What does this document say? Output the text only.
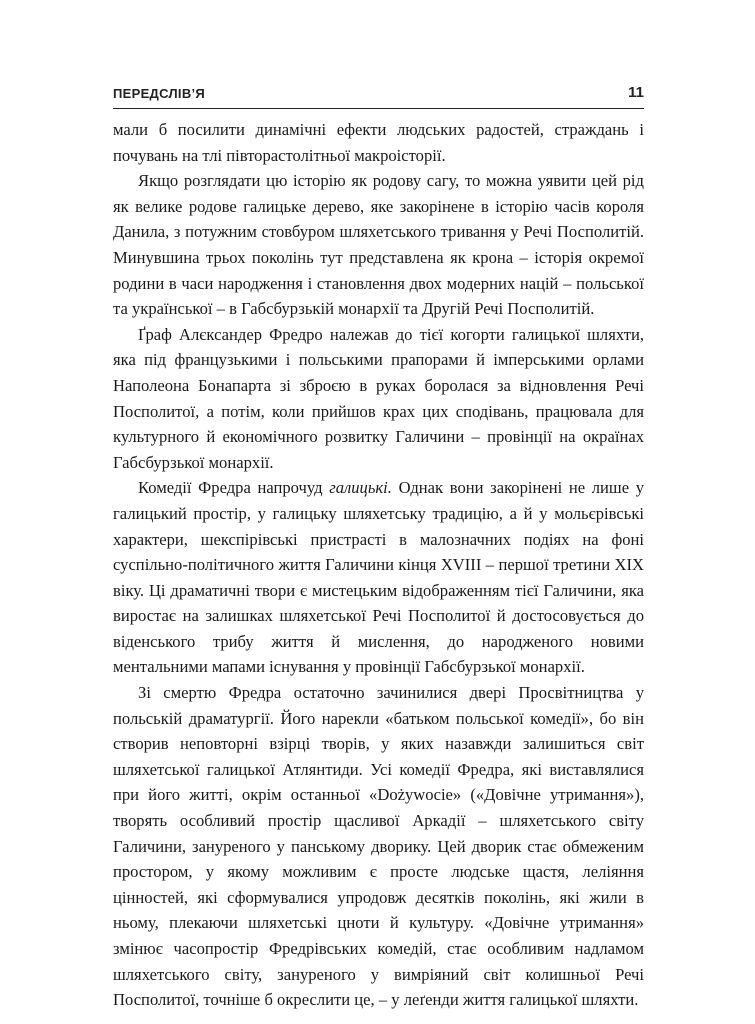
ПЕРЕДСЛІВ’Я	11

мали б посилити динамічні ефекти людських радостей, страждань і почувань на тлі півторастолітньої макроісторії.

Якщо розглядати цю історію як родову сагу, то можна уявити цей рід як велике родове галицьке дерево, яке закорінене в історію часів короля Данила, з потужним стовбуром шляхетського тривання у Речі Посполитій. Минувшина трьох поколінь тут представлена як крона – історія окремої родини в часи народження і становлення двох модерних націй – польської та української – в Габсбурзькій монархії та Другій Речі Посполитій.

Ґраф Алєксандер Фредро належав до тієї когорти галицької шляхти, яка під французькими і польськими прапорами й імперськими орлами Наполеона Бонапарта зі зброєю в руках боролася за відновлення Речі Посполитої, а потім, коли прийшов крах цих сподівань, працювала для культурного й економічного розвитку Галичини – провінції на окраїнах Габсбурзької монархії.

Комедії Фредра напрочуд галицькі. Однак вони закорінені не лише у галицький простір, у галицьку шляхетську традицію, а й у мольєрівські характери, шекспірівські пристрасті в малозначних подіях на фоні суспільно-політичного життя Галичини кінця XVIII – першої третини XIX віку. Ці драматичні твори є мистецьким відображенням тієї Галичини, яка виростає на залишках шляхетської Речі Посполитої й достосовується до віденського трибу життя й мислення, до народженого новими ментальними мапами існування у провінції Габсбурзької монархії.

Зі смертю Фредра остаточно зачинилися двері Просвітництва у польській драматургії. Його нарекли «батьком польської комедії», бо він створив неповторні взірці творів, у яких назавжди залишиться світ шляхетської галицької Атлянтиди. Усі комедії Фредра, які виставлялися при його житті, окрім останньої «Dożywocie» («Довічне утримання»), творять особливий простір щасливої Аркадії – шляхетського світу Галичини, зануреного у панському дворику. Цей дворик стає обмеженим простором, у якому можливим є просте людське щастя, леліяння цінностей, які сформувалися упродовж десятків поколінь, які жили в ньому, плекаючи шляхетські цноти й культуру. «Довічне утримання» змінює часопростір Фредрівських комедій, стає особливим надламом шляхетського світу, зануреного у вимріяний світ колишньої Речі Посполитої, точніше б окреслити це, – у леґенди життя галицької шляхти.
